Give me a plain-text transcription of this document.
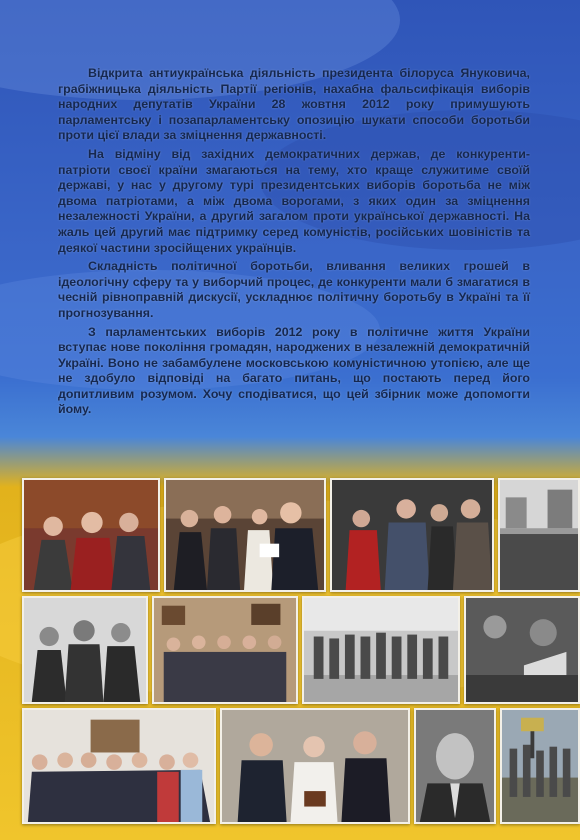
Відкрита антиукраїнська діяльність президента білоруса Януковича, грабіжницька діяльність Партії регіонів, нахабна фальсифікація виборів народних депутатів України 28 жовтня 2012 року примушують парламентську і позапарламентську опозицію шукати способи боротьби проти цієї влади за зміцнення державності.

На відміну від західних демократичних держав, де конкуренти-патріоти своєї країни змагаються на тему, хто краще служитиме своїй державі, у нас у другому турі президентських виборів боротьба не між двома патріотами, а між двома ворогами, з яких один за зміцнення незалежності України, а другий загалом проти української державності. На жаль цей другий має підтримку серед комуністів, російських шовіністів та деякої частини зросійщених українців.

Складність політичної боротьби, вливання великих грошей в ідеологічну сферу та у виборчий процес, де конкуренти мали б змагатися в чесній рівноправній дискусії, ускладнює політичну боротьбу в Україні та її прогнозування.

З парламентських виборів 2012 року в політичне життя України вступає нове покоління громадян, народжених в незалежній демократичній Україні. Воно не забамбулене московською комуністичною утопією, але ще не здобуло відповіді на багато питань, що постають перед його допитливим розумом. Хочу сподіватися, що цей збірник може допомогти йому.
